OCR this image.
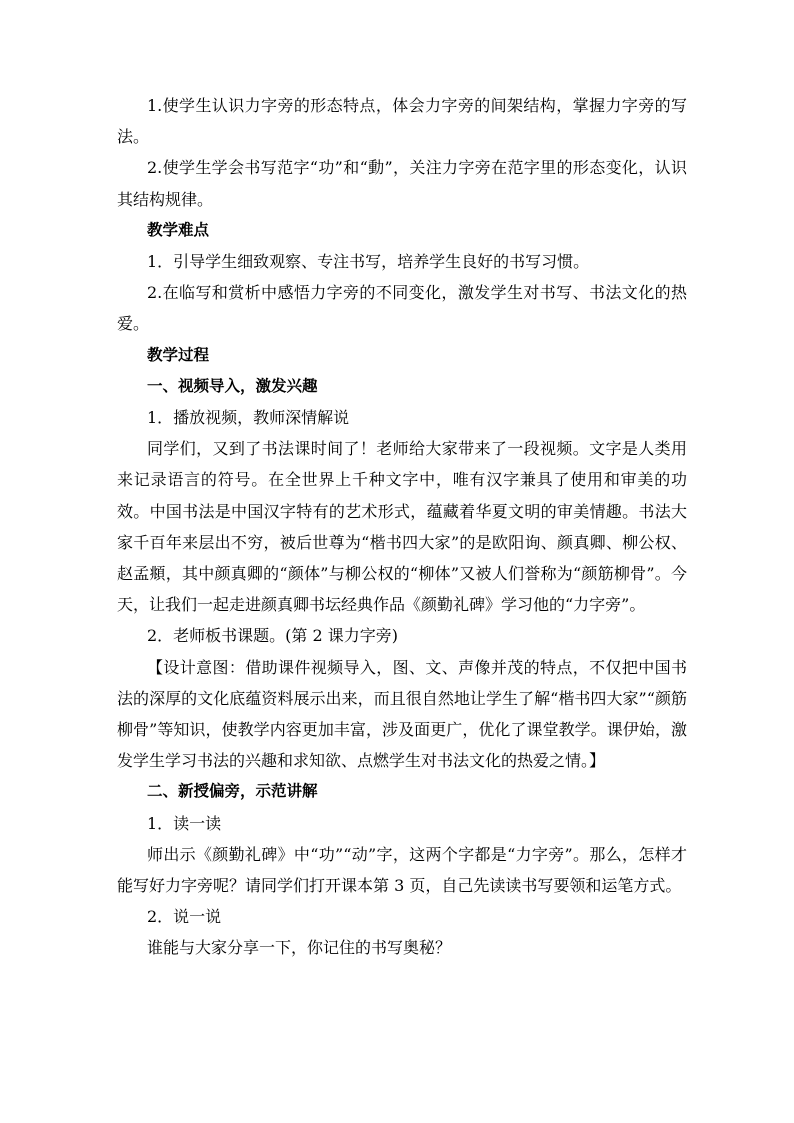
1.使学生认识力字旁的形态特点，体会力字旁的间架结构，掌握力字旁的写法。

2.使学生学会书写范字“功”和“動”，关注力字旁在范字里的形态变化，认识其结构规律。

教学难点

1．引导学生细致观察、专注书写，培养学生良好的书写习惯。

2.在临写和赏析中感悟力字旁的不同变化，激发学生对书写、书法文化的热爱。

教学过程

一、视频导入，激发兴趣

1．播放视频，教师深情解说

同学们，又到了书法课时间了！老师给大家带来了一段视频。文字是人类用来记录语言的符号。在全世界上千种文字中，唯有汉字兼具了使用和审美的功效。中国书法是中国汉字特有的艺术形式，蕴藏着华夏文明的审美情趣。书法大家千百年来层出不穷，被后世尊为“楷书四大家”的是欧阳询、颜真卿、柳公权、赵孟頫，其中颜真卿的“颜体”与柳公权的“柳体”又被人们誉称为“颜筋柳骨”。今天，让我们一起走进颜真卿书坛经典作品《颜勤礼碑》学习他的“力字旁”。

2．老师板书课题。(第 2 课力字旁)

【设计意图：借助课件视频导入，图、文、声像并茂的特点，不仅把中国书法的深厚的文化底蕴资料展示出来，而且很自然地让学生了解“楷书四大家”“颜筋柳骨”等知识，使教学内容更加丰富，涉及面更广，优化了课堂教学。课伊始，激发学生学习书法的兴趣和求知欲、点燃学生对书法文化的热爱之情。】

二、新授偏旁，示范讲解

1．读一读

师出示《颜勤礼碑》中“功”“动”字，这两个字都是“力字旁”。那么，怎样才能写好力字旁呢？请同学们打开课本第 3 页，自己先读读书写要领和运笔方式。

2．说一说

谁能与大家分享一下，你记住的书写奥秘？
